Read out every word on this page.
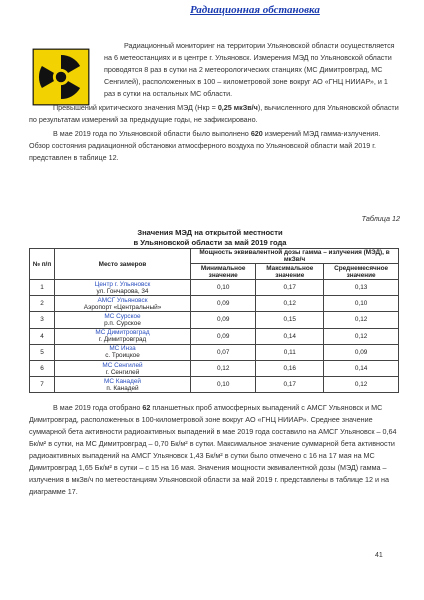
Радиационная обстановка

Радиационный мониторинг на территории Ульяновской области осуществляется на 6 метеостанциях и в центре г. Ульяновск. Измерения МЭД по Ульяновской области проводятся 8 раз в сутки на 2 метеорологических станциях (МС Димитровград, МС Сенгилей), расположенных в 100 – километровой зоне вокруг АО «ГНЦ НИИАР», и 1 раз в сутки на остальных МС области.

Превышений критического значения МЭД (Нкр = 0,25 мкЗв/ч), вычисленного для Ульяновской области по результатам измерений за предыдущие годы, не зафиксировано.

В мае 2019 года по Ульяновской области было выполнено 620 измерений МЭД гамма-излучения. Обзор состояния радиационной обстановки атмосферного воздуха по Ульяновской области май 2019 г. представлен в таблице 12.

Таблица 12
Значения МЭД на открытой местности
в Ульяновской области за май 2019 года
№ п/п	Место замеров	Мощность эквивалентной дозы гамма – излучения (МЭД), в мкЗв/ч		
		Минимальное значение	Максимальное значение	Среднемесячное значение
1	Центр г. Ульяновск
ул. Гончарова, 34	0,10	0,17	0,13
2	АМСГ Ульяновск
Аэропорт «Центральный»	0,09	0,12	0,10
3	МС Сурское
р.п. Сурское	0,09	0,15	0,12
4	МС Димитровград
г. Димитровград	0,09	0,14	0,12
5	МС Инза
с. Троицкое	0,07	0,11	0,09
6	МС Сенгилей
г. Сенгилей	0,12	0,16	0,14
7	МС Канадей
п. Канадей	0,10	0,17	0,12

В мае 2019 года отобрано 62 планшетных проб атмосферных выпадений с АМСГ Ульяновск и МС Димитровград, расположенных в 100-километровой зоне вокруг АО «ГНЦ НИИАР». Среднее значение суммарной бета активности радиоактивных выпадений в мае 2019 года составило на АМСГ Ульяновск – 0,64 Бк/м² в сутки, на МС Димитровград – 0,70 Бк/м² в сутки. Максимальное значение суммарной бета активности радиоактивных выпадений на АМСГ Ульяновск 1,43 Бк/м² в сутки было отмечено с 16 на 17 мая на МС Димитровград 1,65 Бк/м² в сутки – с 15 на 16 мая. Значения мощности эквивалентной дозы (МЭД) гамма – излучения в мкЗв/ч по метеостанциям Ульяновской области за май 2019 г. представлены в таблице 12 и на диаграмме 17.

41
